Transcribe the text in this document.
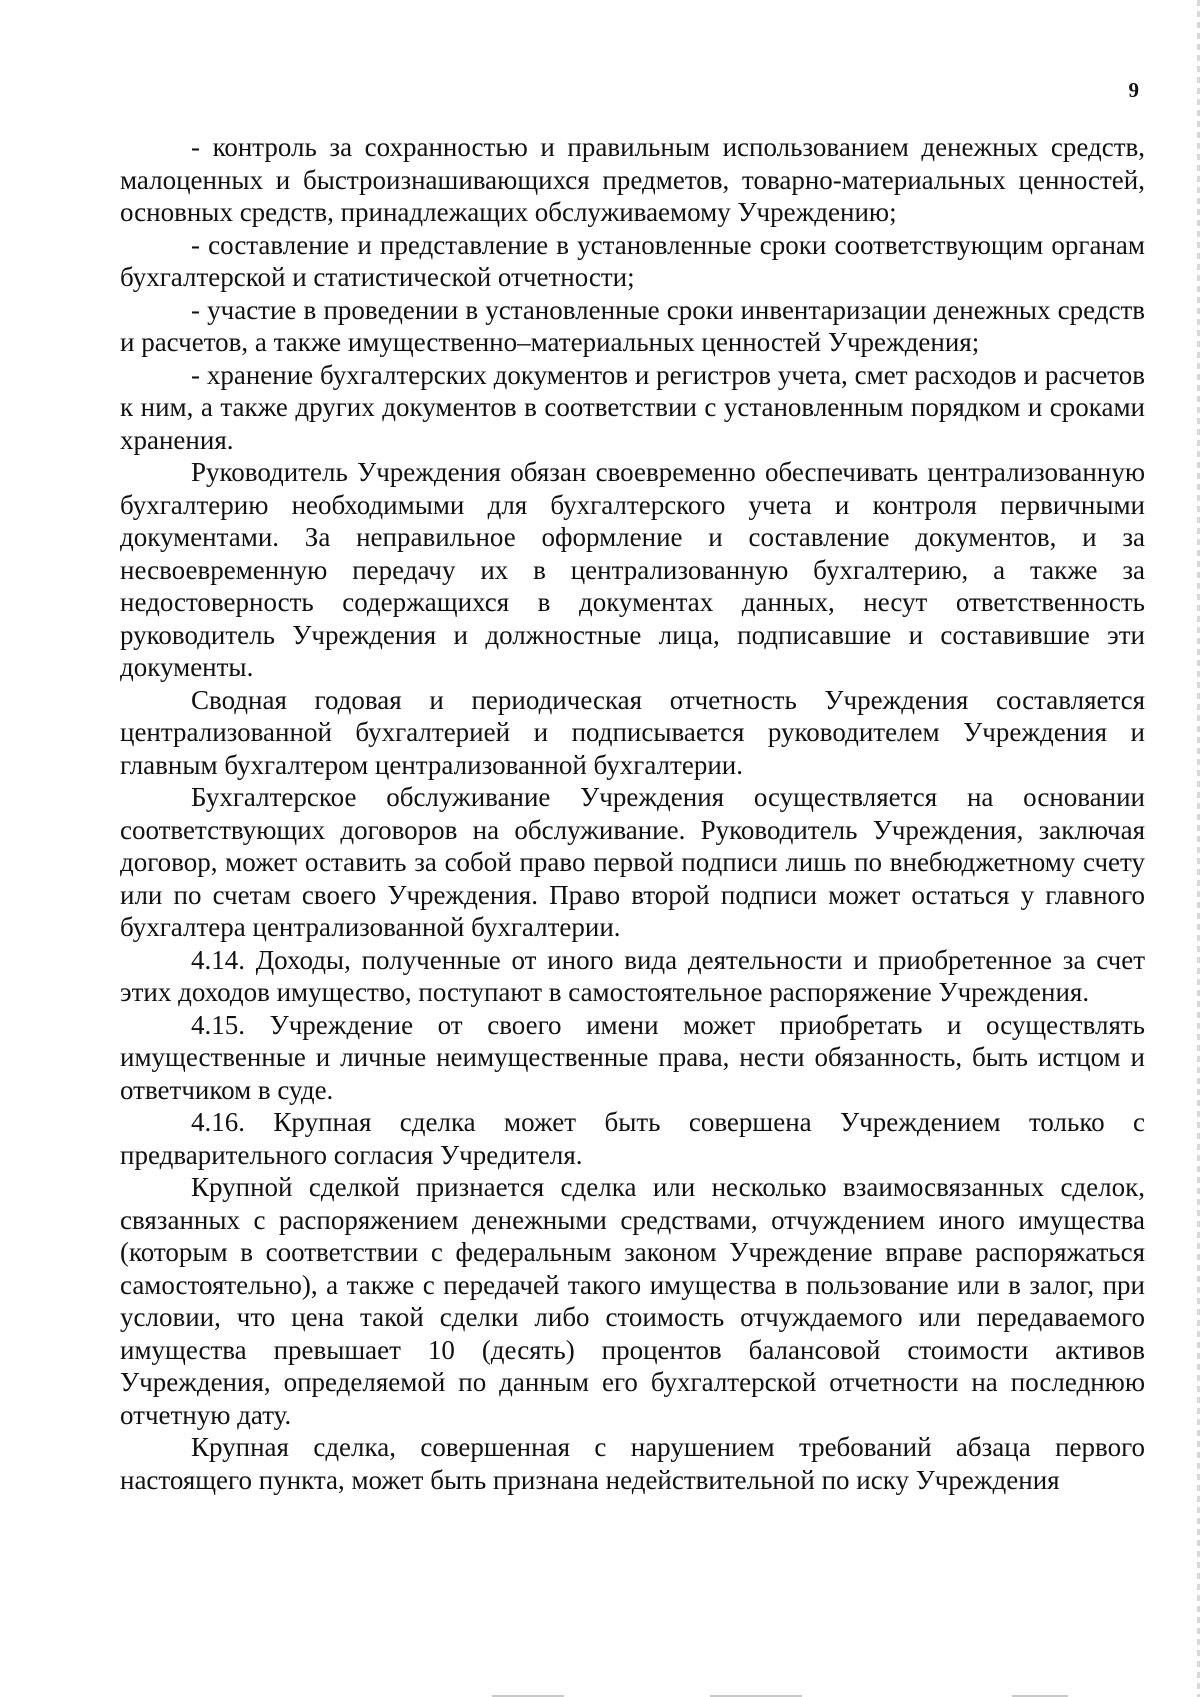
9

- контроль за сохранностью и правильным использованием денежных средств, малоценных и быстроизнашивающихся предметов, товарно-материальных ценностей, основных средств, принадлежащих обслуживаемому Учреждению;

- составление и представление в установленные сроки соответствующим органам бухгалтерской и статистической отчетности;

- участие в проведении в установленные сроки инвентаризации денежных средств и расчетов, а также имущественно–материальных ценностей Учреждения;

- хранение бухгалтерских документов и регистров учета, смет расходов и расчетов к ним, а также других документов в соответствии с установленным порядком и сроками хранения.

Руководитель Учреждения обязан своевременно обеспечивать централизованную бухгалтерию необходимыми для бухгалтерского учета и контроля первичными документами. За неправильное оформление и составление документов, и за несвоевременную передачу их в централизованную бухгалтерию, а также за недостоверность содержащихся в документах данных, несут ответственность руководитель Учреждения и должностные лица, подписавшие и составившие эти документы.

Сводная годовая и периодическая отчетность Учреждения составляется централизованной бухгалтерией и подписывается руководителем Учреждения и главным бухгалтером централизованной бухгалтерии.

Бухгалтерское обслуживание Учреждения осуществляется на основании соответствующих договоров на обслуживание. Руководитель Учреждения, заключая договор, может оставить за собой право первой подписи лишь по внебюджетному счету или по счетам своего Учреждения. Право второй подписи может остаться у главного бухгалтера централизованной бухгалтерии.

4.14. Доходы, полученные от иного вида деятельности и приобретенное за счет этих доходов имущество, поступают в самостоятельное распоряжение Учреждения.

4.15. Учреждение от своего имени может приобретать и осуществлять имущественные и личные неимущественные права, нести обязанность, быть истцом и ответчиком в суде.

4.16. Крупная сделка может быть совершена Учреждением только с предварительного согласия Учредителя.

Крупной сделкой признается сделка или несколько взаимосвязанных сделок, связанных с распоряжением денежными средствами, отчуждением иного имущества (которым в соответствии с федеральным законом Учреждение вправе распоряжаться самостоятельно), а также с передачей такого имущества в пользование или в залог, при условии, что цена такой сделки либо стоимость отчуждаемого или передаваемого имущества превышает 10 (десять) процентов балансовой стоимости активов Учреждения, определяемой по данным его бухгалтерской отчетности на последнюю отчетную дату.

Крупная сделка, совершенная с нарушением требований абзаца первого настоящего пункта, может быть признана недействительной по иску Учреждения
